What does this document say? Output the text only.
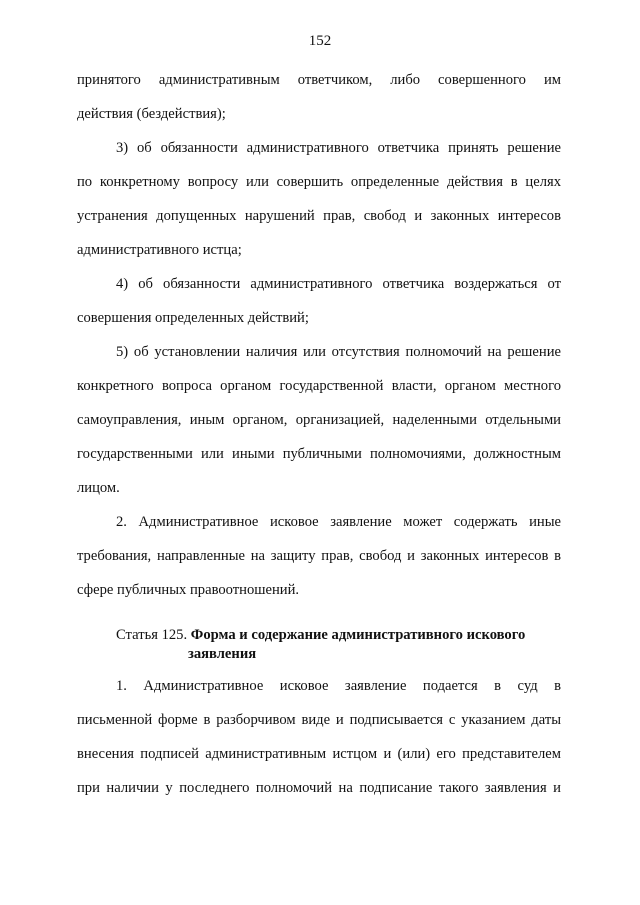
152
принятого административным ответчиком, либо совершенного им
действия (бездействия);
3) об обязанности административного ответчика принять решение
по конкретному вопросу или совершить определенные действия в целях
устранения допущенных нарушений прав, свобод и законных интересов
административного истца;
4) об обязанности административного ответчика воздержаться от
совершения определенных действий;
5) об установлении наличия или отсутствия полномочий на решение
конкретного вопроса органом государственной власти, органом местного
самоуправления, иным органом, организацией, наделенными отдельными
государственными или иными публичными полномочиями, должностным
лицом.
2. Административное исковое заявление может содержать иные
требования, направленные на защиту прав, свобод и законных интересов в
сфере публичных правоотношений.
Статья 125. Форма и содержание административного искового
заявления
1. Административное исковое заявление подается в суд в
письменной форме в разборчивом виде и подписывается с указанием даты
внесения подписей административным истцом и (или) его представителем
при наличии у последнего полномочий на подписание такого заявления и
